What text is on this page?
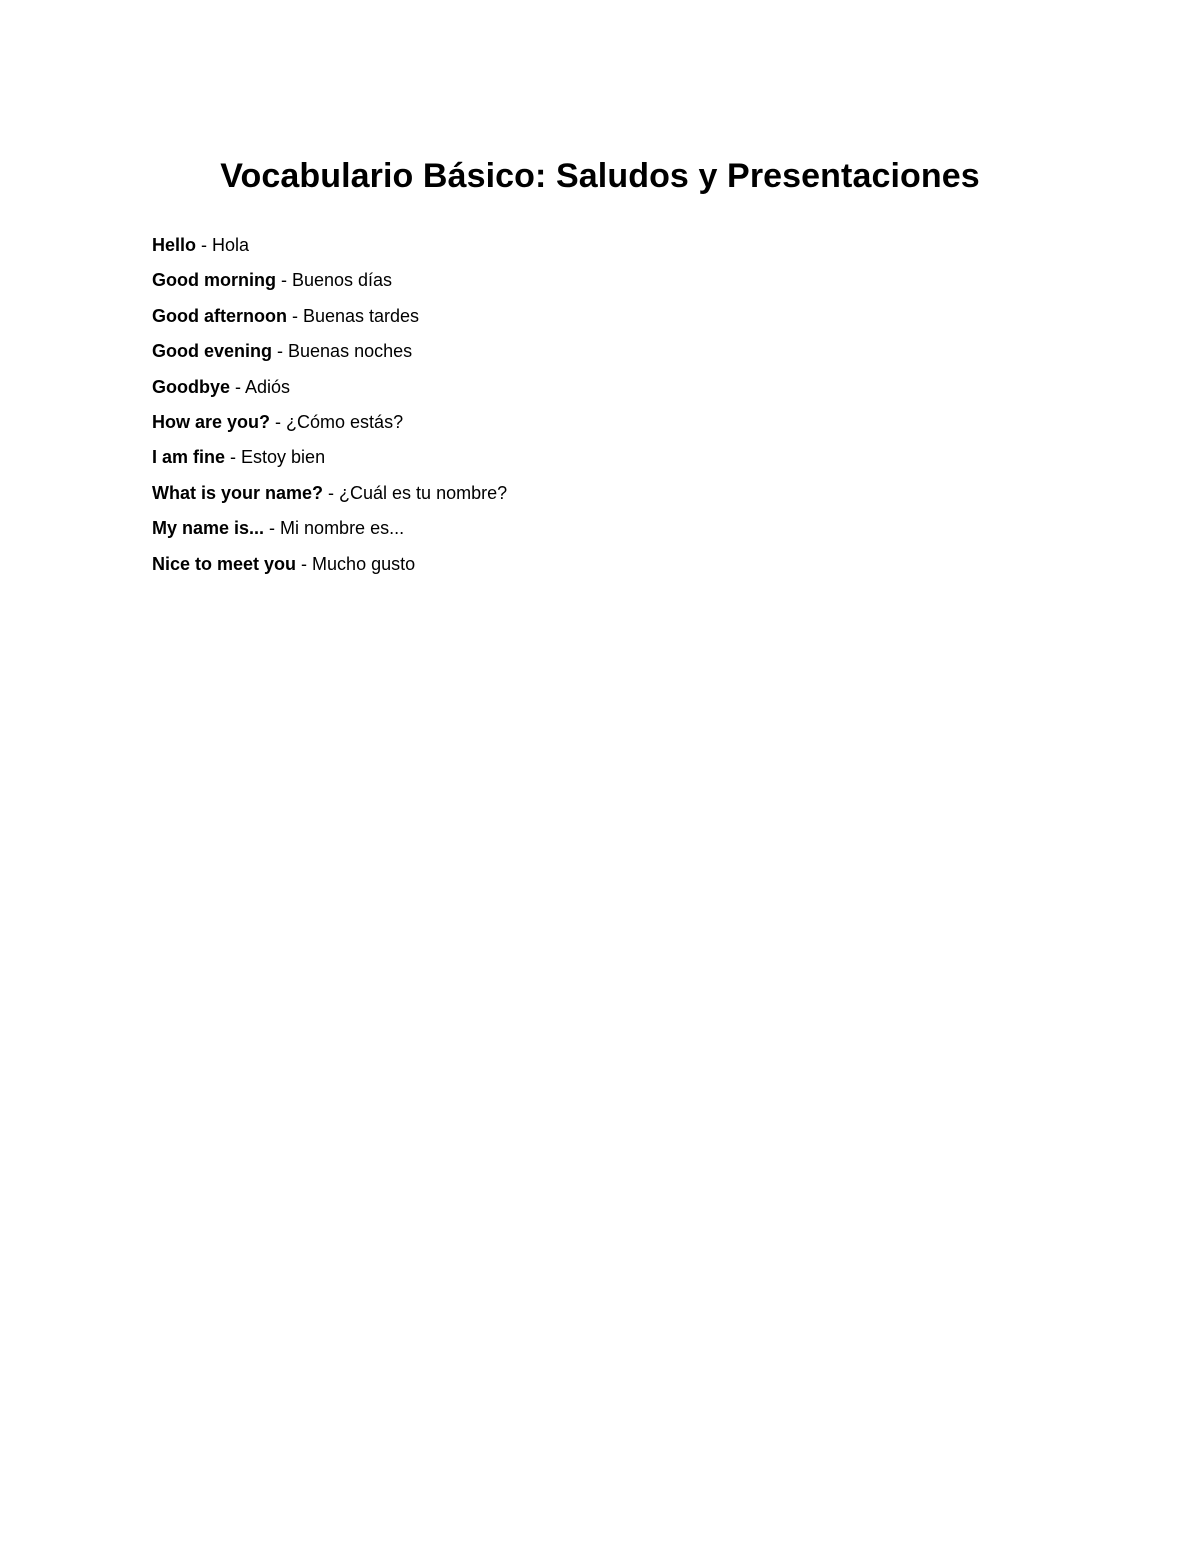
Vocabulario Básico: Saludos y Presentaciones
Hello - Hola
Good morning - Buenos días
Good afternoon - Buenas tardes
Good evening - Buenas noches
Goodbye - Adiós
How are you? - ¿Cómo estás?
I am fine - Estoy bien
What is your name? - ¿Cuál es tu nombre?
My name is... - Mi nombre es...
Nice to meet you - Mucho gusto
